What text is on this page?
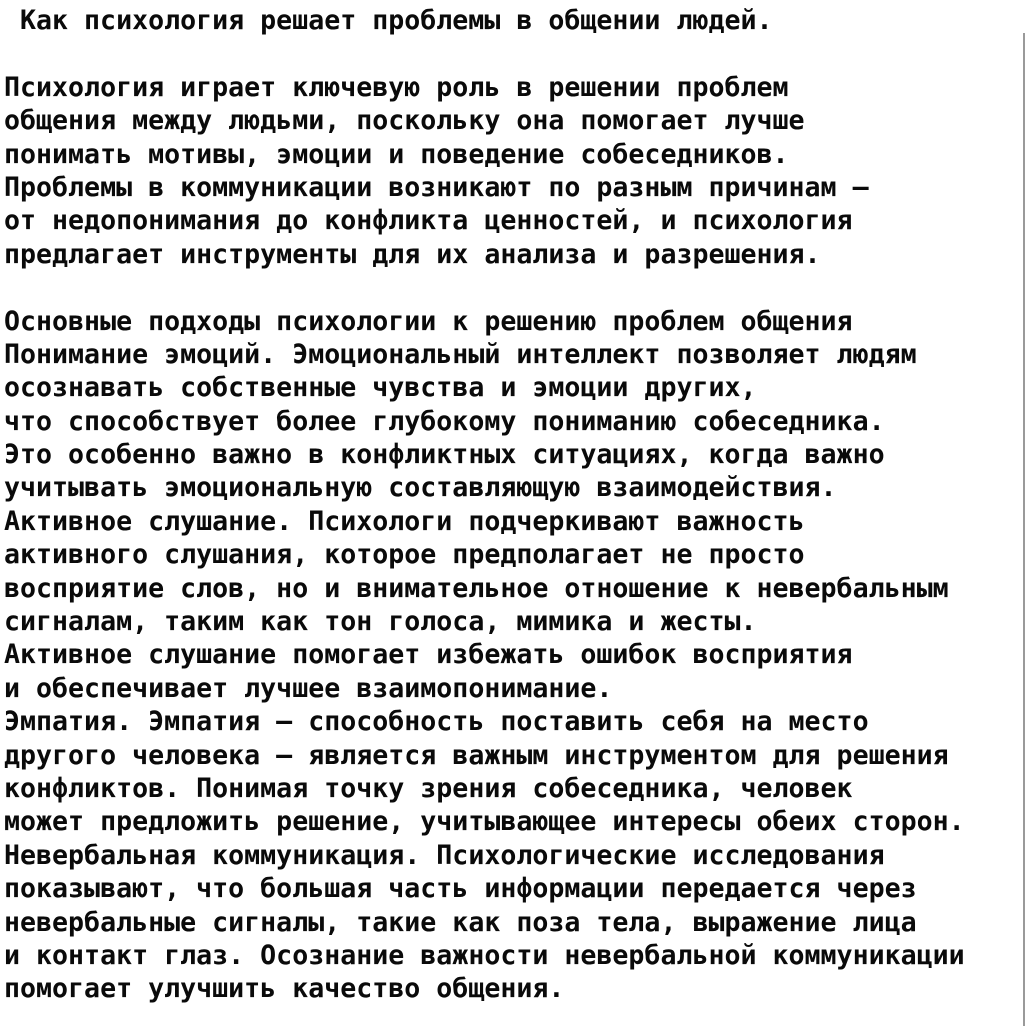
Как психология решает проблемы в общении людей.
Психология играет ключевую роль в решении проблем
общения между людьми, поскольку она помогает лучше
понимать мотивы, эмоции и поведение собеседников.
Проблемы в коммуникации возникают по разным причинам –
от недопонимания до конфликта ценностей, и психология
предлагает инструменты для их анализа и разрешения.
Основные подходы психологии к решению проблем общения
Понимание эмоций. Эмоциональный интеллект позволяет людям
осознавать собственные чувства и эмоции других,
что способствует более глубокому пониманию собеседника.
Это особенно важно в конфликтных ситуациях, когда важно
учитывать эмоциональную составляющую взаимодействия.
Активное слушание. Психологи подчеркивают важность
активного слушания, которое предполагает не просто
восприятие слов, но и внимательное отношение к невербальным
сигналам, таким как тон голоса, мимика и жесты.
Активное слушание помогает избежать ошибок восприятия
и обеспечивает лучшее взаимопонимание.
Эмпатия. Эмпатия – способность поставить себя на место
другого человека – является важным инструментом для решения
конфликтов. Понимая точку зрения собеседника, человек
может предложить решение, учитывающее интересы обеих сторон.
Невербальная коммуникация. Психологические исследования
показывают, что большая часть информации передается через
невербальные сигналы, такие как поза тела, выражение лица
и контакт глаз. Осознание важности невербальной коммуникации
помогает улучшить качество общения.
